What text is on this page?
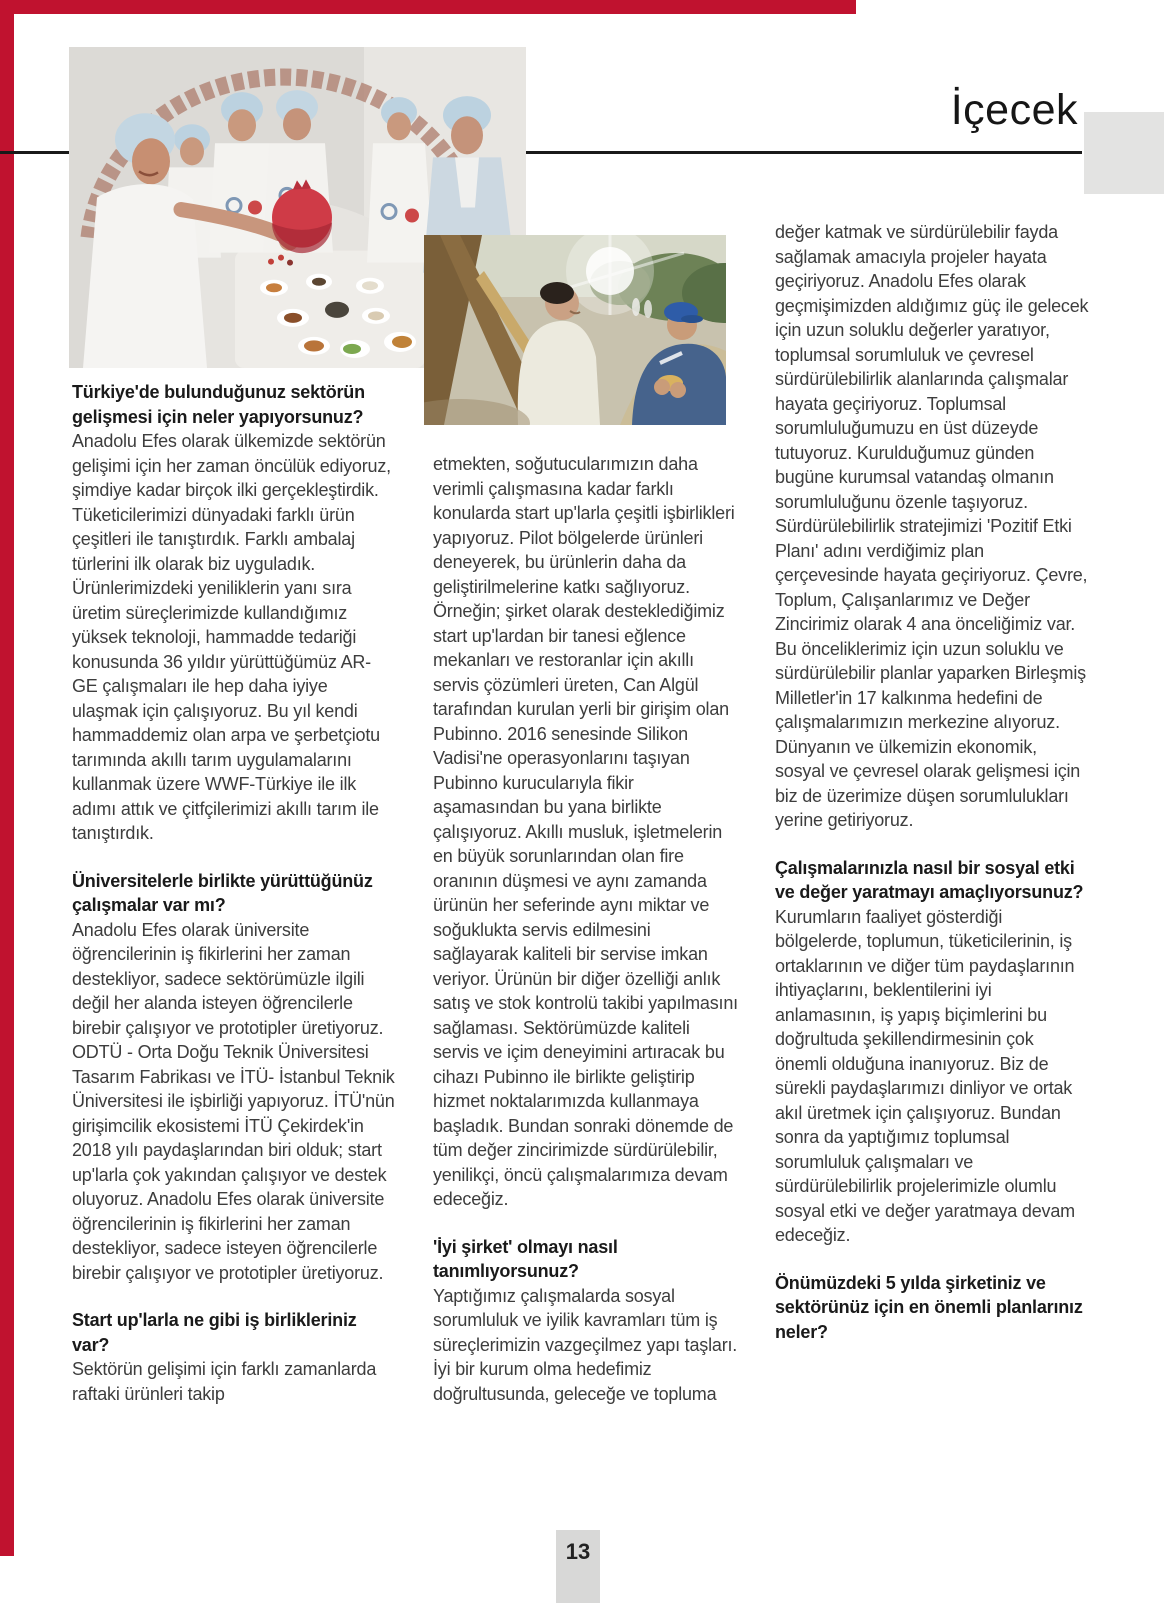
İçecek

Türkiye'de bulunduğunuz sektörün gelişmesi için neler yapıyorsunuz?

Anadolu Efes olarak ülkemizde sektörün gelişimi için her zaman öncülük ediyoruz, şimdiye kadar birçok ilki gerçekleştirdik. Tüketicilerimizi dünyadaki farklı ürün çeşitleri ile tanıştırdık. Farklı ambalaj türlerini ilk olarak biz uyguladık. Ürünlerimizdeki yeniliklerin yanı sıra üretim süreçlerimizde kullandığımız yüksek teknoloji, hammadde tedariği konusunda 36 yıldır yürüttüğümüz AR-GE çalışmaları ile hep daha iyiye ulaşmak için çalışıyoruz. Bu yıl kendi hammaddemiz olan arpa ve şerbetçiotu tarımında akıllı tarım uygulamalarını kullanmak üzere WWF-Türkiye ile ilk adımı attık ve çitfçilerimizi akıllı tarım ile tanıştırdık.

Üniversitelerle birlikte yürüttüğünüz çalışmalar var mı?

Anadolu Efes olarak üniversite öğrencilerinin iş fikirlerini her zaman destekliyor, sadece sektörümüzle ilgili değil her alanda isteyen öğrencilerle birebir çalışıyor ve prototipler üretiyoruz. ODTÜ - Orta Doğu Teknik Üniversitesi Tasarım Fabrikası ve İTÜ- İstanbul Teknik Üniversitesi ile işbirliği yapıyoruz. İTÜ'nün girişimcilik ekosistemi İTÜ Çekirdek'in 2018 yılı paydaşlarından biri olduk; start up'larla çok yakından çalışıyor ve destek oluyoruz. Anadolu Efes olarak üniversite öğrencilerinin iş fikirlerini her zaman destekliyor, sadece isteyen öğrencilerle birebir çalışıyor ve prototipler üretiyoruz.

Start up'larla ne gibi iş birlikleriniz var?

Sektörün gelişimi için farklı zamanlarda raftaki ürünleri takip

etmekten, soğutucularımızın daha verimli çalışmasına kadar farklı konularda start up'larla çeşitli işbirlikleri yapıyoruz. Pilot bölgelerde ürünleri deneyerek, bu ürünlerin daha da geliştirilmelerine katkı sağlıyoruz. Örneğin; şirket olarak desteklediğimiz start up'lardan bir tanesi eğlence mekanları ve restoranlar için akıllı servis çözümleri üreten, Can Algül tarafından kurulan yerli bir girişim olan Pubinno. 2016 senesinde Silikon Vadisi'ne operasyonlarını taşıyan Pubinno kurucularıyla fikir aşamasından bu yana birlikte çalışıyoruz. Akıllı musluk, işletmelerin en büyük sorunlarından olan fire oranının düşmesi ve aynı zamanda ürünün her seferinde aynı miktar ve soğuklukta servis edilmesini sağlayarak kaliteli bir servise imkan veriyor. Ürünün bir diğer özelliği anlık satış ve stok kontrolü takibi yapılmasını sağlaması. Sektörümüzde kaliteli servis ve içim deneyimini artıracak bu cihazı Pubinno ile birlikte geliştirip hizmet noktalarımızda kullanmaya başladık. Bundan sonraki dönemde de tüm değer zincirimizde sürdürülebilir, yenilikçi, öncü çalışmalarımıza devam edeceğiz.

'İyi şirket' olmayı nasıl tanımlıyorsunuz?

Yaptığımız çalışmalarda sosyal sorumluluk ve iyilik kavramları tüm iş süreçlerimizin vazgeçilmez yapı taşları. İyi bir kurum olma hedefimiz doğrultusunda, geleceğe ve topluma

değer katmak ve sürdürülebilir fayda sağlamak amacıyla projeler hayata geçiriyoruz. Anadolu Efes olarak geçmişimizden aldığımız güç ile gelecek için uzun soluklu değerler yaratıyor, toplumsal sorumluluk ve çevresel sürdürülebilirlik alanlarında çalışmalar hayata geçiriyoruz. Toplumsal sorumluluğumuzu en üst düzeyde tutuyoruz. Kurulduğumuz günden bugüne kurumsal vatandaş olmanın sorumluluğunu özenle taşıyoruz. Sürdürülebilirlik stratejimizi 'Pozitif Etki Planı' adını verdiğimiz plan çerçevesinde hayata geçiriyoruz. Çevre, Toplum, Çalışanlarımız ve Değer Zincirimiz olarak 4 ana önceliğimiz var. Bu önceliklerimiz için uzun soluklu ve sürdürülebilir planlar yaparken Birleşmiş Milletler'in 17 kalkınma hedefini de çalışmalarımızın merkezine alıyoruz. Dünyanın ve ülkemizin ekonomik, sosyal ve çevresel olarak gelişmesi için biz de üzerimize düşen sorumlulukları yerine getiriyoruz.

Çalışmalarınızla nasıl bir sosyal etki ve değer yaratmayı amaçlıyorsunuz?

Kurumların faaliyet gösterdiği bölgelerde, toplumun, tüketicilerinin, iş ortaklarının ve diğer tüm paydaşlarının ihtiyaçlarını, beklentilerini iyi anlamasının, iş yapış biçimlerini bu doğrultuda şekillendirmesinin çok önemli olduğuna inanıyoruz. Biz de sürekli paydaşlarımızı dinliyor ve ortak akıl üretmek için çalışıyoruz. Bundan sonra da yaptığımız toplumsal sorumluluk çalışmaları ve sürdürülebilirlik projelerimizle olumlu sosyal etki ve değer yaratmaya devam edeceğiz.

Önümüzdeki 5 yılda şirketiniz ve sektörünüz için en önemli planlarınız neler?

13
